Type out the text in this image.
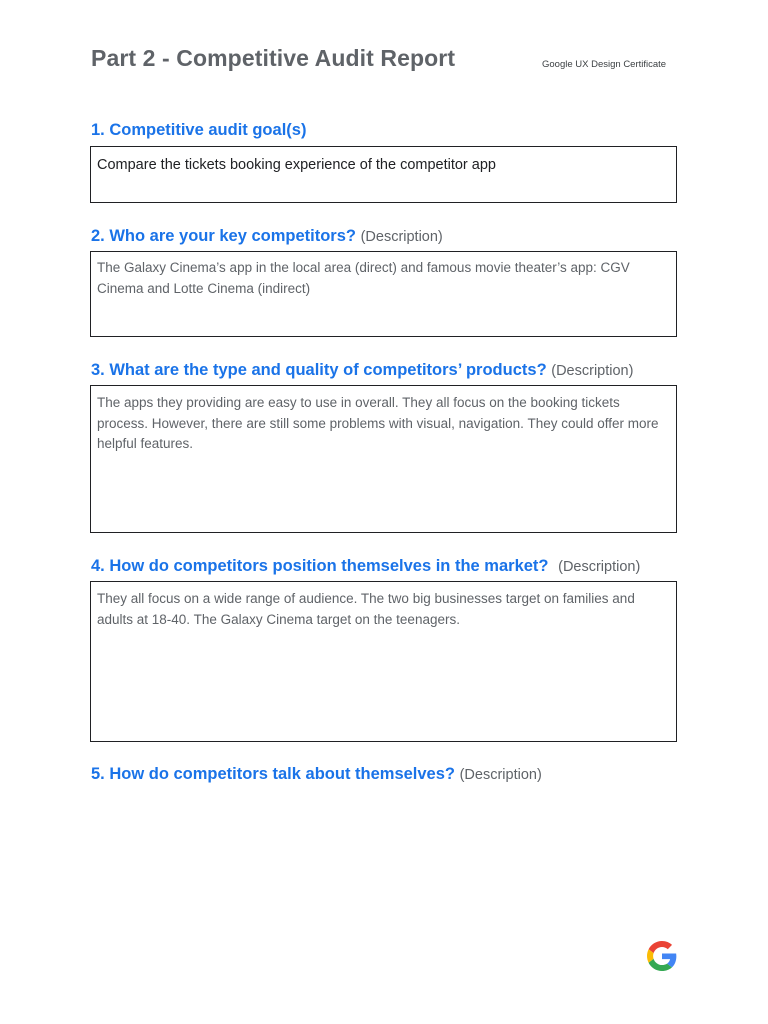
Part 2 - Competitive Audit Report	Google UX Design Certificate
1. Competitive audit goal(s)
Compare the tickets booking experience of the competitor app
2. Who are your key competitors? (Description)
The Galaxy Cinema’s app in the local area (direct) and famous movie theater’s app: CGV Cinema and Lotte Cinema (indirect)
3. What are the type and quality of competitors’ products? (Description)
The apps they providing are easy to use in overall. They all focus on the booking tickets process. However, there are still some problems with visual, navigation. They could offer more helpful features.
4. How do competitors position themselves in the market? (Description)
They all focus on a wide range of audience. The two big businesses target on families and adults at 18-40. The Galaxy Cinema target on the teenagers.
5. How do competitors talk about themselves? (Description)
